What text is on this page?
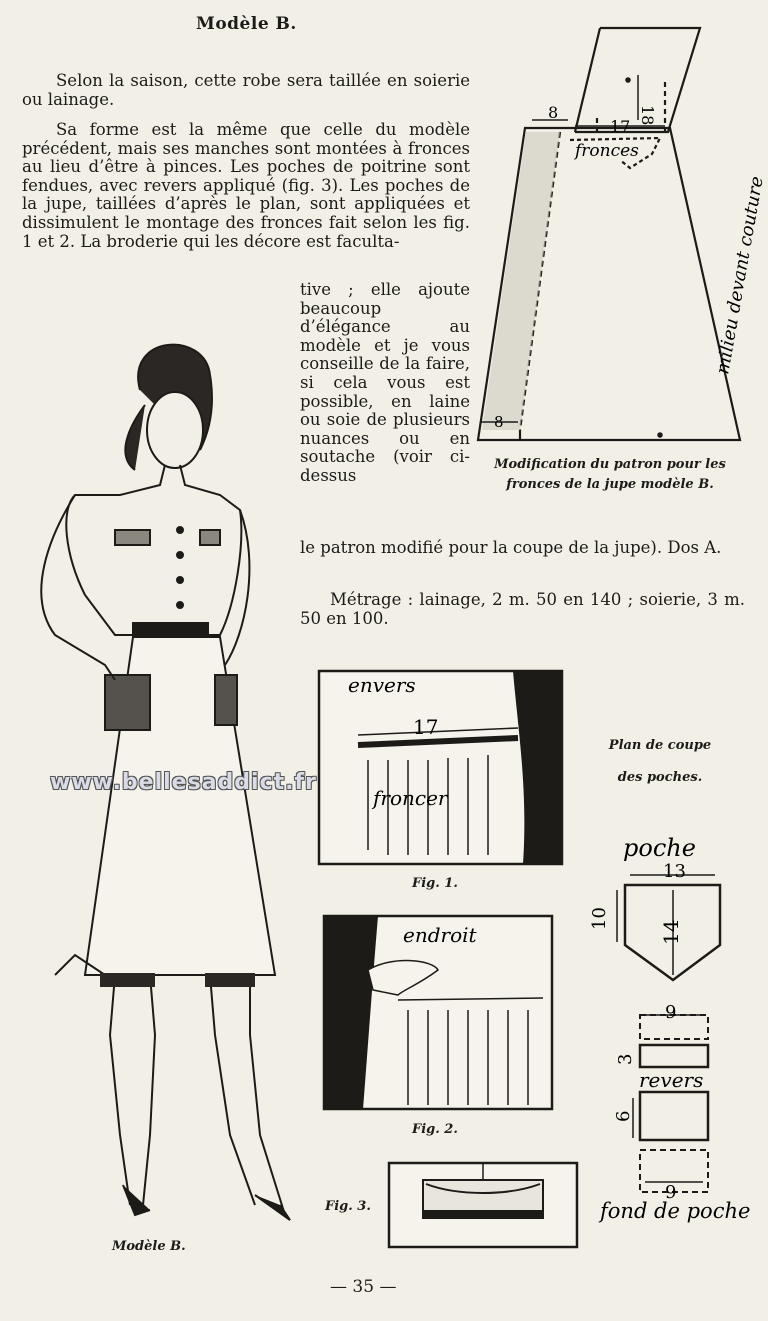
Modèle B.
Selon la saison, cette robe sera taillée en soierie ou lainage.
Sa forme est la même que celle du modèle précédent, mais ses manches sont montées à fronces au lieu d’être à pinces. Les poches de poitrine sont fendues, avec revers appliqué (fig. 3). Les poches de la jupe, taillées d’après le plan, sont appliquées et dissimulent le montage des fronces fait selon les fig. 1 et 2. La broderie qui les décore est faculta-
tive ; elle ajoute beaucoup d’élégance au modèle et je vous conseille de la faire, si cela vous est possible, en laine ou soie de plusieurs nuances ou en soutache (voir ci-dessus
le patron modifié pour la coupe de la jupe). Dos A.
Métrage : lainage, 2 m. 50 en 140 ; soierie, 3 m. 50 en 100.
8
17
18
fronces
milieu devant couture
8
Modification du patron pour les fronces de la jupe modèle B.
Modèle B.
envers
17
froncer
Fig. 1.
endroit
Fig. 2.
Fig. 3.
Plan de coupe des poches.
poche
13
10
14
9
3
revers
6
9
fond de poche
www.bellesaddict.fr
— 35 —
